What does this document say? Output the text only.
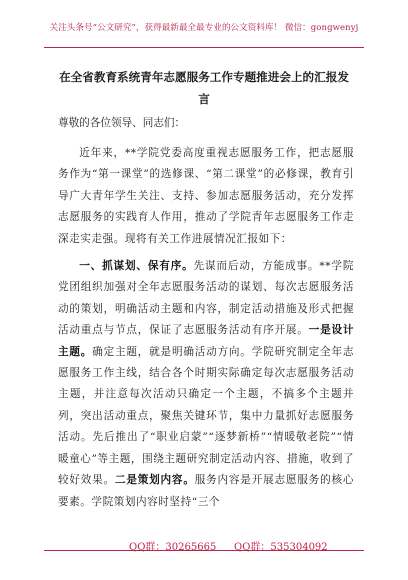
关注头条号“公文研究”，获得最新最全最专业的公文资料库！ 微信：gongwenyj
在全省教育系统青年志愿服务工作专题推进会上的汇报发言
尊敬的各位领导、同志们：

近年来，**学院党委高度重视志愿服务工作，把志愿服务作为“第一课堂”的选修课、“第二课堂”的必修课，教育引导广大青年学生关注、支持、参加志愿服务活动，充分发挥志愿服务的实践育人作用，推动了学院青年志愿服务工作走深走实走强。现将有关工作进展情况汇报如下：

一、抓谋划、保有序。先谋而后动，方能成事。**学院党团组织加强对全年志愿服务活动的谋划、每次志愿服务活动的策划，明确活动主题和内容，制定活动措施及形式把握活动重点与节点，保证了志愿服务活动有序开展。一是设计主题。确定主题，就是明确活动方向。学院研究制定全年志愿服务工作主线，结合各个时期实际确定每次志愿服务活动主题，并注意每次活动只确定一个主题，不搞多个主题并列，突出活动重点，聚焦关键环节，集中力量抓好志愿服务活动。先后推出了“职业启蒙”“逐梦新桥”“情暖敬老院”“情暖童心”等主题，围绕主题研究制定活动内容、措施，收到了较好效果。二是策划内容。服务内容是开展志愿服务的核心要素。学院策划内容时坚持“三个

QQ群：30265665 QQ群：535304092
